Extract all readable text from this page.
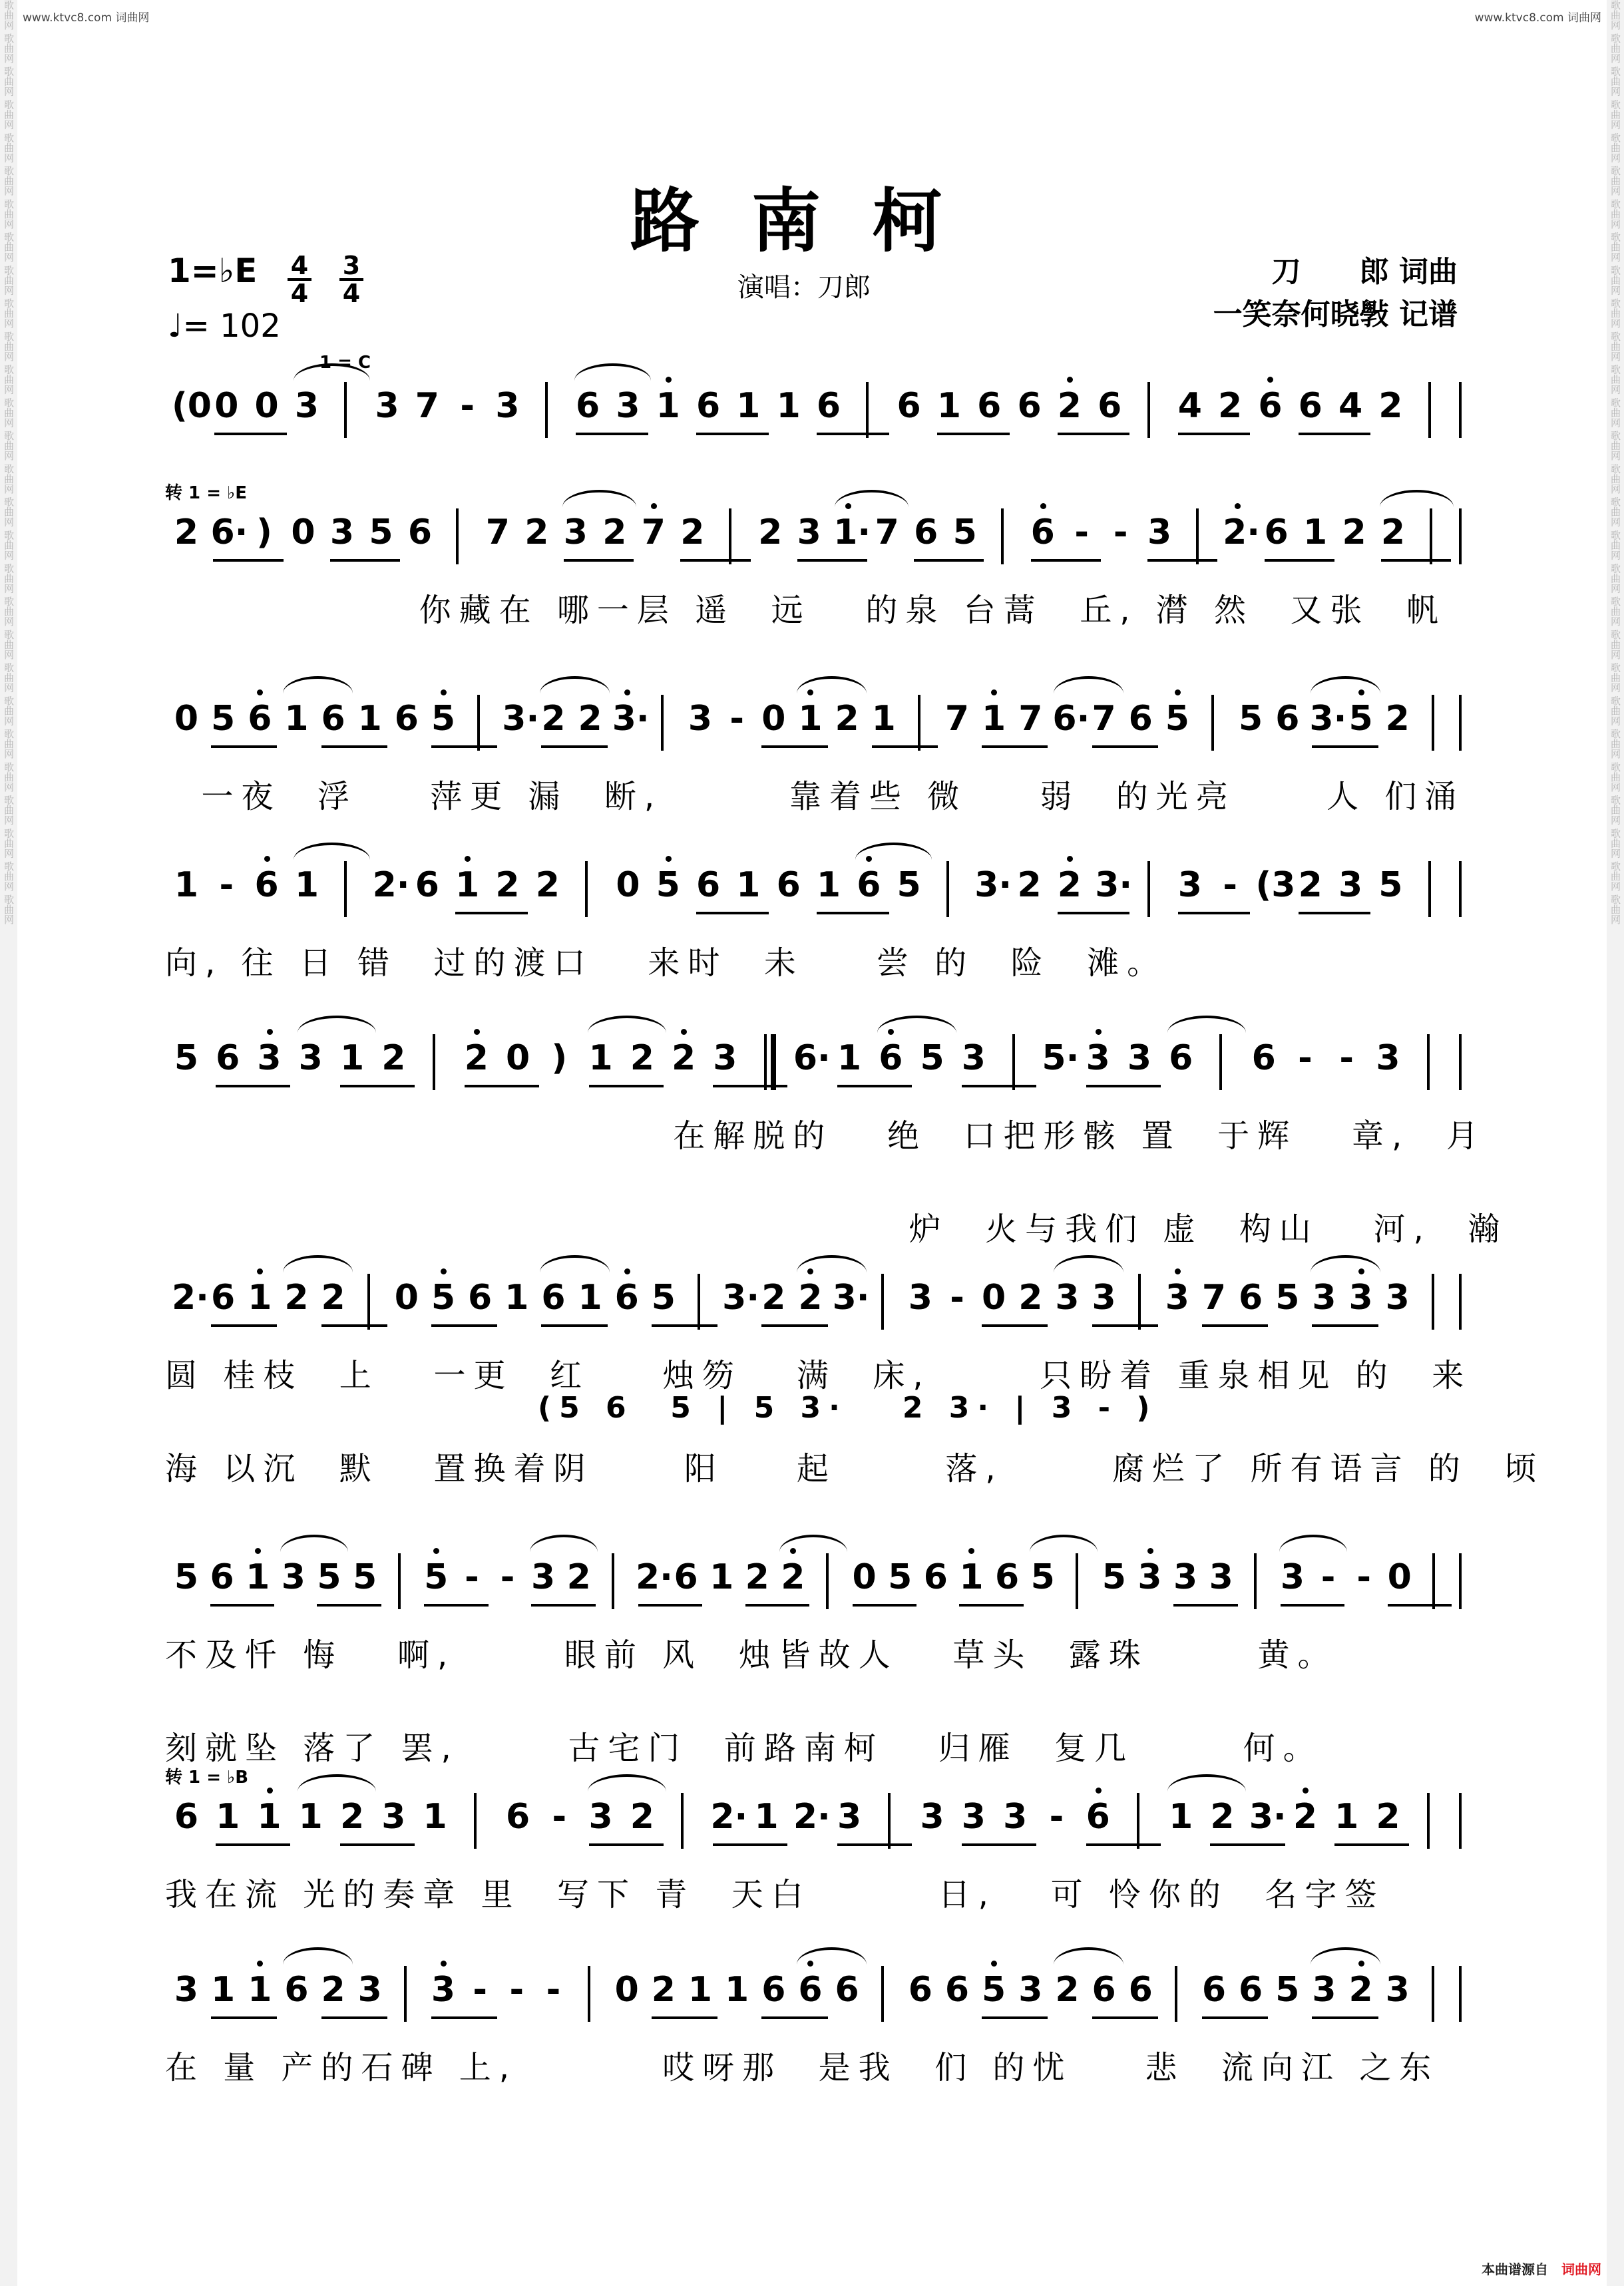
歌曲网 歌曲网 歌曲网 歌曲网 歌曲网 歌曲网 歌曲网 歌曲网 歌曲网 歌曲网 歌曲网 歌曲网 歌曲网 歌曲网 歌曲网 歌曲网 歌曲网 歌曲网 歌曲网 歌曲网 歌曲网 歌曲网 歌曲网 歌曲网 歌曲网 歌曲网 歌曲网 歌曲网	歌曲网 歌曲网 歌曲网 歌曲网 歌曲网 歌曲网 歌曲网 歌曲网 歌曲网 歌曲网 歌曲网 歌曲网 歌曲网 歌曲网 歌曲网 歌曲网 歌曲网 歌曲网 歌曲网 歌曲网 歌曲网 歌曲网 歌曲网 歌曲网 歌曲网 歌曲网 歌曲网 歌曲网
www.ktvc8.com 词曲网	www.ktvc8.com 词曲网
路南柯
1=♭E $\frac{4}{4} \frac{3}{4}$
♩= 102
演唱：刀郎	刀　　郎 词曲
一笑奈何晓斅 记谱
1 = C
(0 0 0 3 3 7 - 3 6 3 1 6 1 1 6 6 1 6 6 2 6 4 2 6 6 4 2
转 1 = ♭E
2 6· ) 0 3 5 6 7 2 3 2 7 2 2 3 1· 7 6 5 6 - - 3 2· 6 1 2 2
你藏在 哪一层 遥  远   的泉 台蒿  丘, 潸 然  又张  帆
0 5 6 1 6 1 6 5 3· 2 2 3· 3 - 0 1 2 1 7 1 7 6· 7 6 5 5 6 3· 5 2
一夜  浮    萍更 漏  断,       靠着些 微    弱  的光亮     人 们涌
1 - 6 1 2· 6 1 2 2 0 5 6 1 6 1 6 5 3· 2 2 3· 3 - (3 2 3 5
向, 往 日 错  过的渡口   来时  未    尝 的  险  滩。
5 6 3 3 1 2 2 0 ) 1 2 2 3 6· 1 6 5 3 5· 3 3 6 6 - - 3
在解脱的   绝  口把形骸 置  于辉   章,  月
炉  火与我们 虚  构山   河,  瀚
2· 6 1 2 2 0 5 6 1 6 1 6 5 3· 2 2 3· 3 - 0 2 3 3 3 7 6 5 3 3 3
圆 桂枝  上   一更  红    烛笏   满  床,      只盼着 重泉相见 的  来
海 以沉  默   置换着阴     阳    起      落,      腐烂了 所有语言 的  顷
(5 6  5 | 5 3·   2 3· | 3 - )
5 6 1 3 5 5 5 - - 3 2 2· 6 1 2 2 0 5 6 1 6 5 5 3 3 3 3 - - 0
不及忏 悔   啊,      眼前 风  烛皆故人   草头  露珠      黄。
刻就坠 落了 罢,      古宅门  前路南柯   归雁  复几      何。
转 1 = ♭B
6 1 1 1 2 3 1 6 - 3 2 2· 1 2· 3 3 3 3 - 6 1 2 3· 2 1 2
我在流 光的奏章 里  写下 青  天白       日,   可 怜你的  名字签
3 1 1 6 2 3 3 - - - 0 2 1 1 6 6 6 6 6 5 3 2 6 6 6 6 5 3 2 3
在 量 产的石碑 上,        哎呀那  是我  们 的忧    悲  流向江 之东
本曲谱源自 词曲网
